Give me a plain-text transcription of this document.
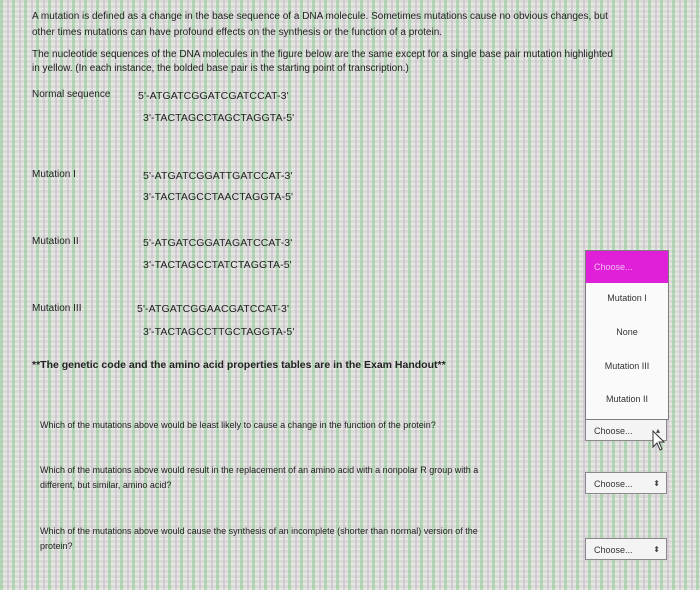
A mutation is defined as a change in the base sequence of a DNA molecule. Sometimes mutations cause no obvious changes, but
other times mutations can have profound effects on the synthesis or the function of a protein.
The nucleotide sequences of the DNA molecules in the figure below are the same except for a single base pair mutation highlighted
in yellow. (In each instance, the bolded base pair is the starting point of transcription.)
Normal sequence	5'-ATGATCGGATCGATCCAT-3'
3'-TACTAGCCTAGCTAGGTA-5'
Mutation I	5'-ATGATCGGATTGATCCAT-3'
3'-TACTAGCCTAACTAGGTA-5'
Mutation II	5'-ATGATCGGATAGATCCAT-3'
3'-TACTAGCCTATCTAGGTA-5'
Mutation III	5'-ATGATCGGAACGATCCAT-3'
3'-TACTAGCCTTGCTAGGTA-5'
**The genetic code and the amino acid properties tables are in the Exam Handout**
Which of the mutations above would be least likely to cause a change in the function of the protein?
Choose...	▴

Which of the mutations above would result in the replacement of an amino acid with a nonpolar R group with a
different, but similar, amino acid?	Choose...	⬍
Which of the mutations above would cause the synthesis of an incomplete (shorter than normal) version of the
protein?	Choose...	⬍
Choose...
Mutation I
None
Mutation III
Mutation II
